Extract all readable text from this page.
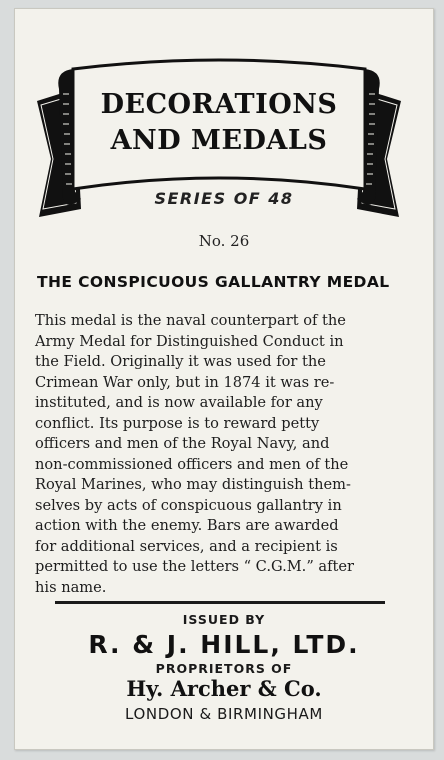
DECORATIONS
AND MEDALS
SERIES OF 48
No. 26
THE CONSPICUOUS GALLANTRY MEDAL
This medal is the naval counterpart of the
Army Medal for Distinguished Conduct in
the Field. Originally it was used for the
Crimean War only, but in 1874 it was re-
instituted, and is now available for any
conflict. Its purpose is to reward petty
officers and men of the Royal Navy, and
non-commissioned officers and men of the
Royal Marines, who may distinguish them-
selves by acts of conspicuous gallantry in
action with the enemy. Bars are awarded
for additional services, and a recipient is
permitted to use the letters “ C.G.M.” after
his name.
ISSUED BY
R. & J. HILL, LTD.
PROPRIETORS OF
Hy. Archer & Co.
LONDON & BIRMINGHAM
